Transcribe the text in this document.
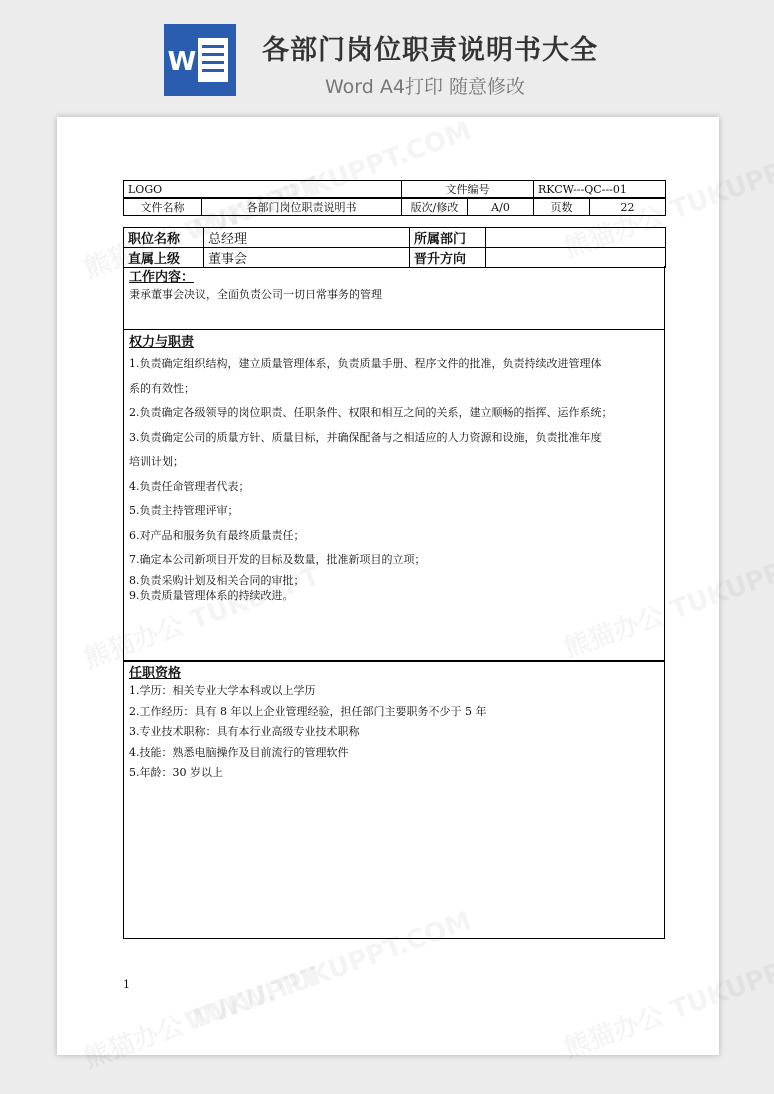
W 各部门岗位职责说明书大全
Word A4打印 随意修改
LOGO	文件编号	RKCW---QC---01
文件名称	各部门岗位职责说明书	版次/修改	A/0	页数	22
职位名称	总经理	所属部门	
直属上级	董事会	晋升方向	
工作内容：
秉承董事会决议，全面负责公司一切日常事务的管理
权力与职责
1.负责确定组织结构，建立质量管理体系，负责质量手册、程序文件的批准，负责持续改进管理体
系的有效性；
2.负责确定各级领导的岗位职责、任职条件、权限和相互之间的关系，建立顺畅的指挥、运作系统；
3.负责确定公司的质量方针、质量目标，并确保配备与之相适应的人力资源和设施，负责批准年度
培训计划；
4.负责任命管理者代表；
5.负责主持管理评审；
6.对产品和服务负有最终质量责任；
7.确定本公司新项目开发的目标及数量，批准新项目的立项；
8.负责采购计划及相关合同的审批；
9.负责质量管理体系的持续改进。
任职资格
1.学历：相关专业大学本科或以上学历
2.工作经历：具有 8 年以上企业管理经验，担任部门主要职务不少于 5 年
3.专业技术职称：具有本行业高级专业技术职称
4.技能：熟悉电脑操作及目前流行的管理软件
5.年龄：30 岁以上
1
